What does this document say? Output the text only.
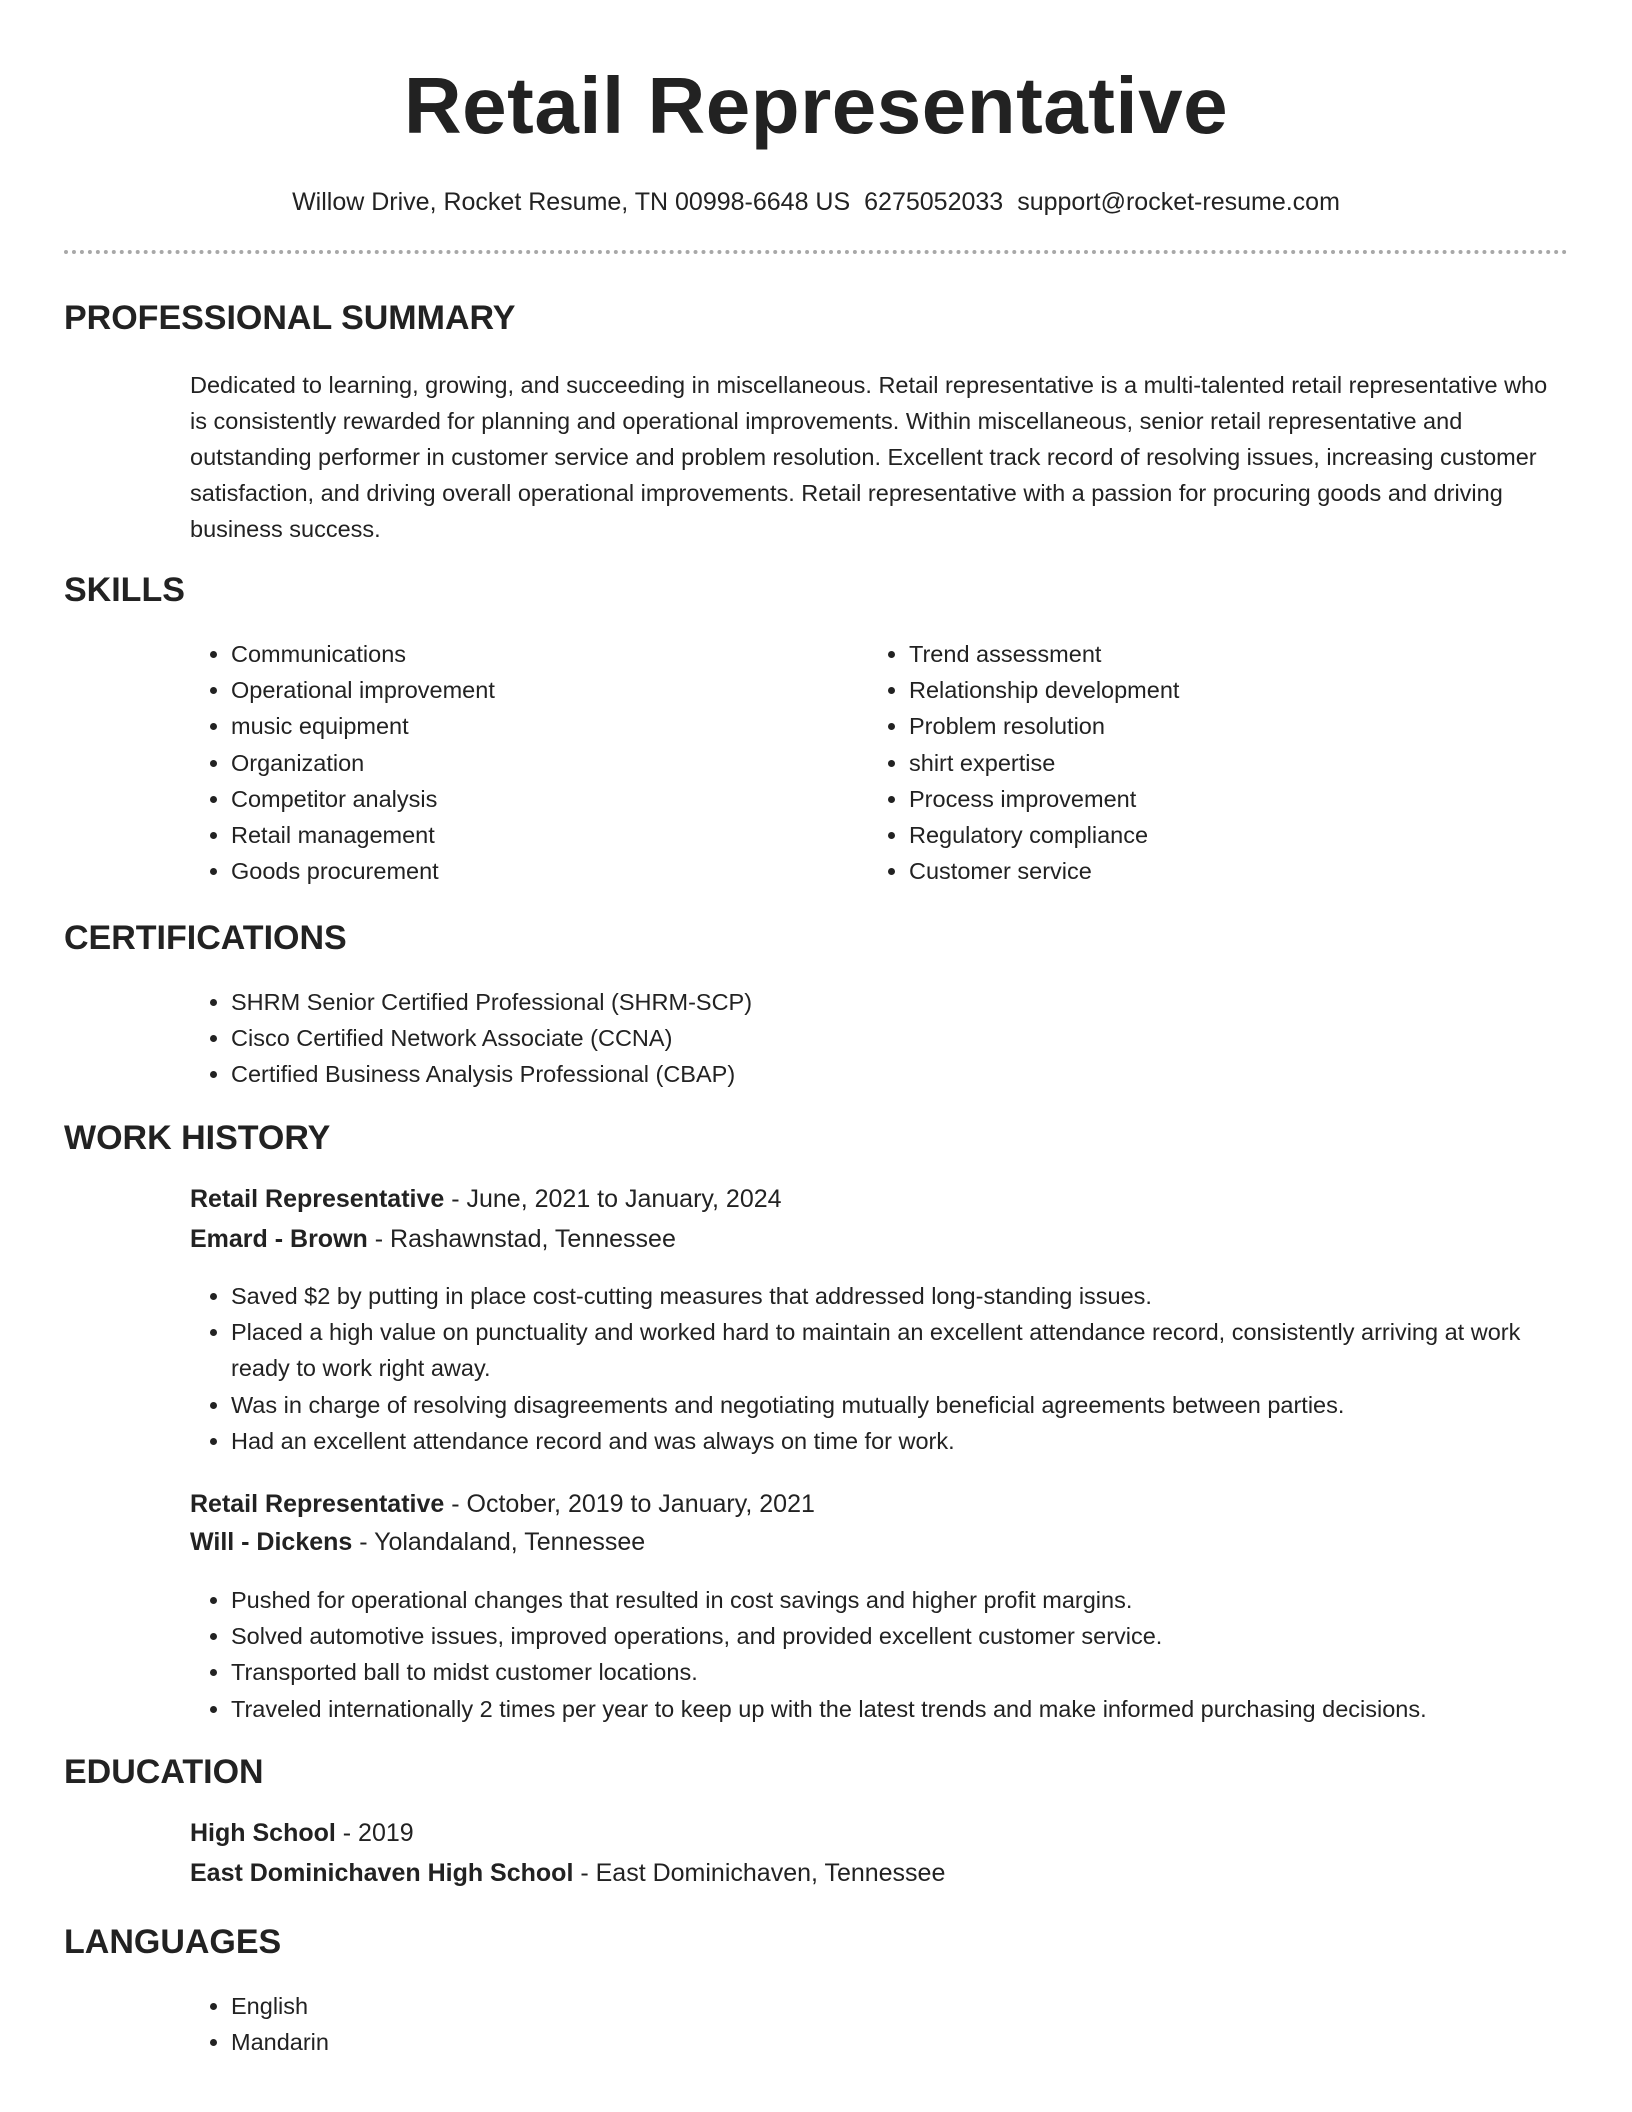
Retail Representative
Willow Drive, Rocket Resume, TN 00998-6648 US 6275052033 support@rocket-resume.com
PROFESSIONAL SUMMARY

Dedicated to learning, growing, and succeeding in miscellaneous. Retail representative is a multi-talented retail representative who is consistently rewarded for planning and operational improvements. Within miscellaneous, senior retail representative and outstanding performer in customer service and problem resolution. Excellent track record of resolving issues, increasing customer satisfaction, and driving overall operational improvements. Retail representative with a passion for procuring goods and driving business success.

SKILLS
• Communications
• Operational improvement
• music equipment
• Organization
• Competitor analysis
• Retail management
• Goods procurement
• Trend assessment
• Relationship development
• Problem resolution
• shirt expertise
• Process improvement
• Regulatory compliance
• Customer service
CERTIFICATIONS
• SHRM Senior Certified Professional (SHRM-SCP)
• Cisco Certified Network Associate (CCNA)
• Certified Business Analysis Professional (CBAP)
WORK HISTORY

Retail Representative - June, 2021 to January, 2024

Emard - Brown - Rashawnstad, Tennessee

• Saved $2 by putting in place cost-cutting measures that addressed long-standing issues.
• Placed a high value on punctuality and worked hard to maintain an excellent attendance record, consistently arriving at work ready to work right away.
• Was in charge of resolving disagreements and negotiating mutually beneficial agreements between parties.
• Had an excellent attendance record and was always on time for work.

Retail Representative - October, 2019 to January, 2021

Will - Dickens - Yolandaland, Tennessee

• Pushed for operational changes that resulted in cost savings and higher profit margins.
• Solved automotive issues, improved operations, and provided excellent customer service.
• Transported ball to midst customer locations.
• Traveled internationally 2 times per year to keep up with the latest trends and make informed purchasing decisions.
EDUCATION

High School - 2019

East Dominichaven High School - East Dominichaven, Tennessee

LANGUAGES
• English
• Mandarin
